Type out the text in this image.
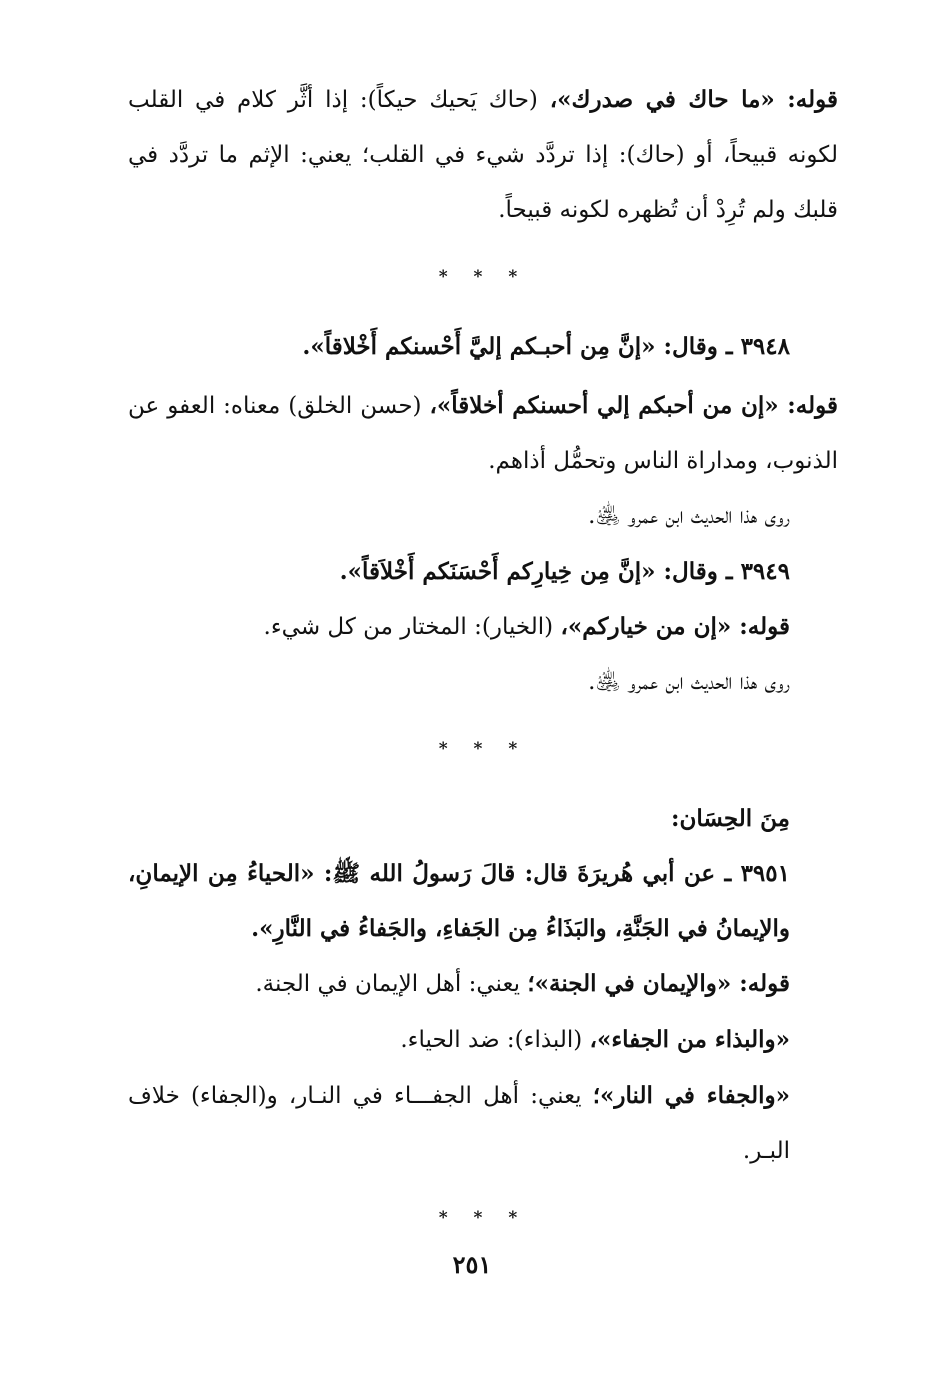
قوله: «ما حاك في صدرك»، (حاك يَحيك حيكاً): إذا أثَّر كلام في القلب لكونه قبيحاً، أو (حاك): إذا تردَّد شيء في القلب؛ يعني: الإثم ما تردَّد في قلبك ولم تُرِدْ أن تُظهره لكونه قبيحاً.

* * *

٣٩٤٨ ـ وقال: «إنَّ مِن أحبـكم إليَّ أَحْسنكم أَخْلاقاً».

قوله: «إن من أحبكم إلي أحسنكم أخلاقاً»، (حسن الخلق) معناه: العفو عن الذنوب، ومداراة الناس وتحمُّل أذاهم.

روى هذا الحديث ابن عمرو ﵁.

٣٩٤٩ ـ وقال: «إنَّ مِن خِيارِكم أَحْسَنَكم أَخْلاَقاً».

قوله: «إن من خياركم»، (الخيار): المختار من كل شيء.

روى هذا الحديث ابن عمرو ﵁.

* * *

مِنَ الحِسَان:

٣٩٥١ ـ عن أبي هُريرَةَ قال: قالَ رَسولُ الله ﷺ: «الحياءُ مِن الإيمانِ، والإيمانُ في الجَنَّةِ، والبَذَاءُ مِن الجَفاءِ، والجَفاءُ في النَّارِ».

قوله: «والإيمان في الجنة»؛ يعني: أهل الإيمان في الجنة.

«والبذاء من الجفاء»، (البذاء): ضد الحياء.

«والجفاء في النار»؛ يعني: أهل الجفـــاء في النـار، و(الجفاء) خلاف البـر.

* * *

٢٥١
